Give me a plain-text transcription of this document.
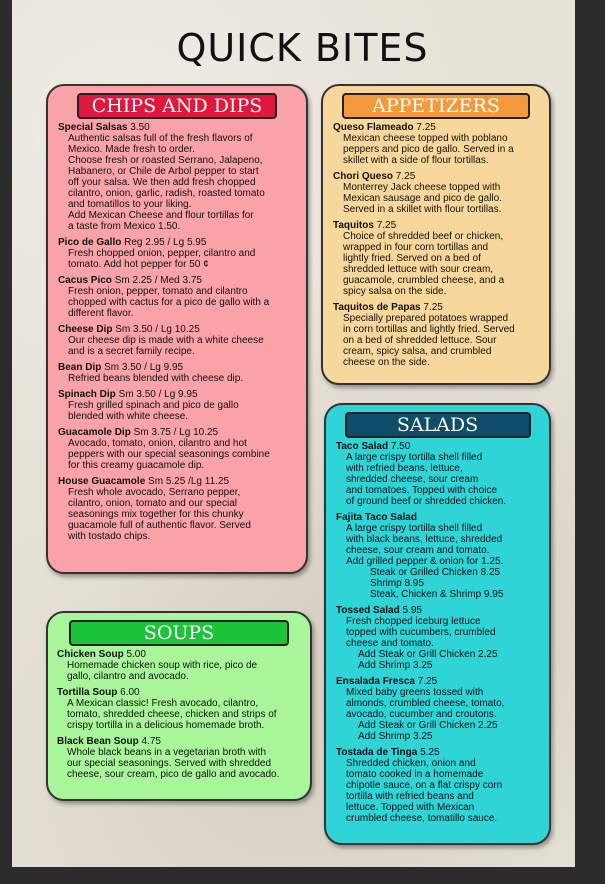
QUICK BITES
CHIPS AND DIPS
Special Salsas 3.50
Authentic salsas full of the fresh flavors of
Mexico. Made fresh to order.
Choose fresh or roasted Serrano, Jalapeno,
Habanero, or Chile de Arbol pepper to start
off your salsa. We then add fresh chopped
cilantro, onion, garlic, radish, roasted tomato
and tomatillos to your liking.
Add Mexican Cheese and flour tortillas for
a taste from Mexico 1.50.
Pico de Gallo Reg 2.95 / Lg 5.95
Fresh chopped onion, pepper, cilantro and
tomato. Add hot pepper for 50 ¢
Cacus Pico Sm 2.25 / Med 3.75
Fresh onion, pepper, tomato and cilantro
chopped with cactus for a pico de gallo with a
different flavor.
Cheese Dip Sm 3.50 / Lg 10.25
Our cheese dip is made with a white cheese
and is a secret family recipe.
Bean Dip Sm 3.50 / Lg 9.95
Refried beans blended with cheese dip.
Spinach Dip Sm 3.50 / Lg 9.95
Fresh grilled spinach and pico de gallo
blended with white cheese.
Guacamole Dip Sm 3.75 / Lg 10.25
Avocado, tomato, onion, cilantro and hot
peppers with our special seasonings combine
for this creamy guacamole dip.
House Guacamole Sm 5.25 /Lg 11.25
Fresh whole avocado, Serrano pepper,
cilantro, onion, tomato and our special
seasonings mix together for this chunky
guacamole full of authentic flavor. Served
with tostado chips.
APPETIZERS
Queso Flameado 7.25
Mexican cheese topped with poblano
peppers and pico de gallo. Served in a
skillet with a side of flour tortillas.
Chori Queso 7.25
Monterrey Jack cheese topped with
Mexican sausage and pico de gallo.
Served in a skillet with flour tortillas.
Taquitos 7.25
Choice of shredded beef or chicken,
wrapped in four corn tortillas and
lightly fried. Served on a bed of
shredded lettuce with sour cream,
guacamole, crumbled cheese, and a
spicy salsa on the side.
Taquitos de Papas 7.25
Specially prepared potatoes wrapped
in corn tortillas and lightly fried. Served
on a bed of shredded lettuce. Sour
cream, spicy salsa, and crumbled
cheese on the side.
SALADS
Taco Salad 7.50
A large crispy tortilla shell filled
with refried beans, lettuce,
shredded cheese, sour cream
and tomatoes. Topped with choice
of ground beef or shredded chicken.
Fajita Taco Salad
A large crispy tortilla shell filled
with black beans, lettuce, shredded
cheese, sour cream and tomato.
Add grilled pepper & onion for 1.25.
Steak or Grilled Chicken 8.25
Shrimp 8.95
Steak, Chicken & Shrimp 9.95
Tossed Salad 5.95
Fresh chopped iceburg lettuce
topped with cucumbers, crumbled
cheese and tomato.
Add Steak or Grill Chicken 2.25
Add Shrimp 3.25
Ensalada Fresca 7.25
Mixed baby greens tossed with
almonds, crumbled cheese, tomato,
avocado, cucumber and croutons.
Add Steak or Grill Chicken 2.25
Add Shrimp 3.25
Tostada de Tinga 5.25
Shredded chicken, onion and
tomato cooked in a homemade
chipotle sauce, on a flat crispy corn
tortilla with refried beans and
lettuce. Topped with Mexican
crumbled cheese, tomatillo sauce.
SOUPS
Chicken Soup 5.00
Homemade chicken soup with rice, pico de
gallo, cilantro and avocado.
Tortilla Soup 6.00
A Mexican classic! Fresh avocado, cilantro,
tomato, shredded cheese, chicken and strips of
crispy tortilla in a delicious homemade broth.
Black Bean Soup 4.75
Whole black beans in a vegetarian broth with
our special seasonings. Served with shredded
cheese, sour cream, pico de gallo and avocado.
